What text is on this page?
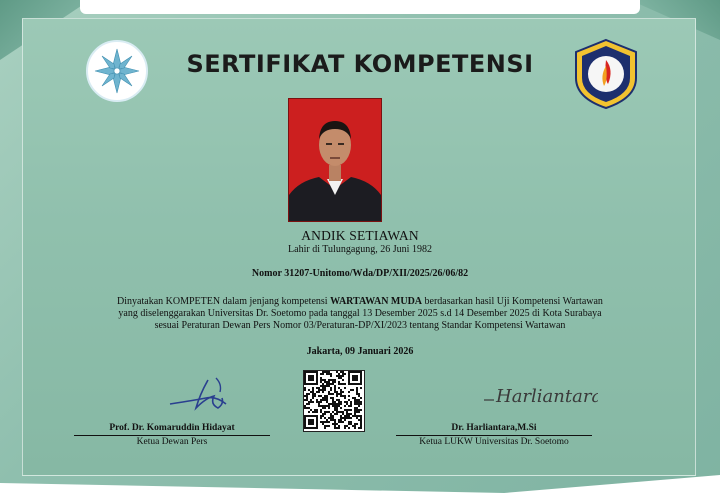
SERTIFIKAT KOMPETENSI
ANDIK SETIAWAN
Lahir di Tulungagung, 26 Juni 1982
Nomor 31207-Unitomo/Wda/DP/XII/2025/26/06/82
Dinyatakan KOMPETEN dalam jenjang kompetensi WARTAWAN MUDA berdasarkan hasil Uji Kompetensi Wartawan
yang diselenggarakan Universitas Dr. Soetomo pada tanggal 13 Desember 2025 s.d 14 Desember 2025 di Kota Surabaya
sesuai Peraturan Dewan Pers Nomor 03/Peraturan-DP/XI/2023 tentang Standar Kompetensi Wartawan
Jakarta, 09 Januari 2026
Harliantara
Prof. Dr. Komaruddin Hidayat
Ketua Dewan Pers
Dr. Harliantara,M.Si
Ketua LUKW Universitas Dr. Soetomo
